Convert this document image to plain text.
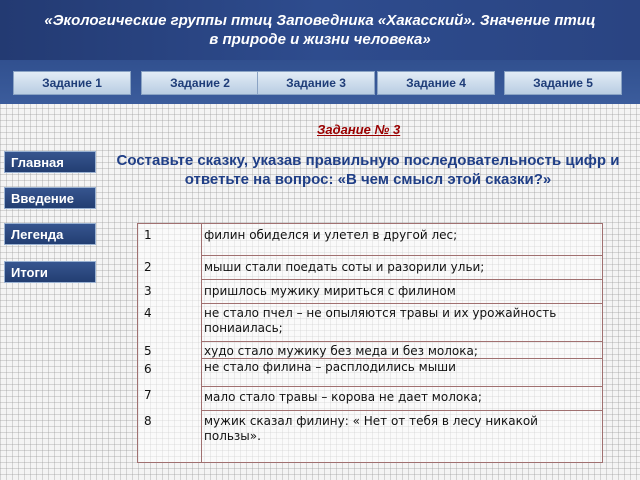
«Экологические группы птиц Заповедника «Хакасский». Значение птиц в природе и жизни человека»
Задание 1	Задание 2	Задание 3	Задание 4	Задание 5
Задание № 3
Составьте сказку, указав правильную последовательность цифр и ответьте на вопрос: «В чем смысл этой сказки?»
Главная
Введение
Легенда
Итоги
1	филин обиделся и улетел в другой лес;
2	мыши стали поедать соты и разорили ульи;
3	пришлось мужику мириться с филином
4	не стало пчел – не опыляются травы и их урожайность пониаилась;
5	худо стало мужику без меда и без молока;
6	не стало филина – расплодились мыши
7	мало стало травы – корова не дает молока;
8	мужик сказал филину: « Нет от тебя в лесу никакой пользы».
